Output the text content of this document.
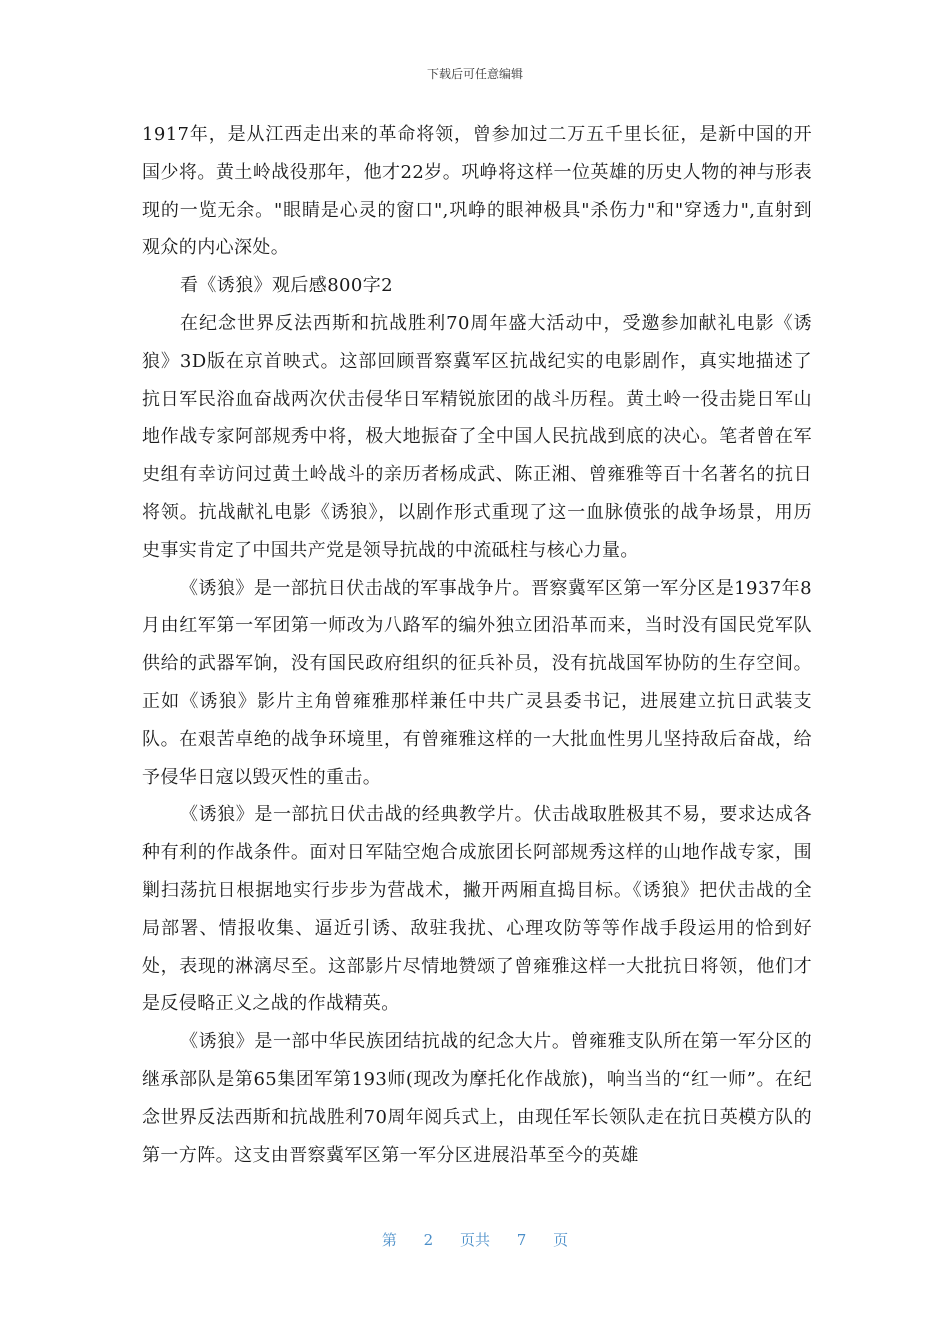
下载后可任意编辑

1917年，是从江西走出来的革命将领，曾参加过二万五千里长征，是新中国的开国少将。黄土岭战役那年，他才22岁。巩峥将这样一位英雄的历史人物的神与形表现的一览无余。"眼睛是心灵的窗口",巩峥的眼神极具"杀伤力"和"穿透力",直射到观众的内心深处。

看《诱狼》观后感800字2

在纪念世界反法西斯和抗战胜利70周年盛大活动中，受邀参加献礼电影《诱狼》3D版在京首映式。这部回顾晋察冀军区抗战纪实的电影剧作，真实地描述了抗日军民浴血奋战两次伏击侵华日军精锐旅团的战斗历程。黄土岭一役击毙日军山地作战专家阿部规秀中将，极大地振奋了全中国人民抗战到底的决心。笔者曾在军史组有幸访问过黄土岭战斗的亲历者杨成武、陈正湘、曾雍雅等百十名著名的抗日将领。抗战献礼电影《诱狼》，以剧作形式重现了这一血脉偾张的战争场景，用历史事实肯定了中国共产党是领导抗战的中流砥柱与核心力量。

《诱狼》是一部抗日伏击战的军事战争片。晋察冀军区第一军分区是1937年8月由红军第一军团第一师改为八路军的编外独立团沿革而来，当时没有国民党军队供给的武器军饷，没有国民政府组织的征兵补员，没有抗战国军协防的生存空间。正如《诱狼》影片主角曾雍雅那样兼任中共广灵县委书记，进展建立抗日武装支队。在艰苦卓绝的战争环境里，有曾雍雅这样的一大批血性男儿坚持敌后奋战，给予侵华日寇以毁灭性的重击。

《诱狼》是一部抗日伏击战的经典教学片。伏击战取胜极其不易，要求达成各种有利的作战条件。面对日军陆空炮合成旅团长阿部规秀这样的山地作战专家，围剿扫荡抗日根据地实行步步为营战术，撇开两厢直捣目标。《诱狼》把伏击战的全局部署、情报收集、逼近引诱、敌驻我扰、心理攻防等等作战手段运用的恰到好处，表现的淋漓尽至。这部影片尽情地赞颂了曾雍雅这样一大批抗日将领，他们才是反侵略正义之战的作战精英。

《诱狼》是一部中华民族团结抗战的纪念大片。曾雍雅支队所在第一军分区的继承部队是第65集团军第193师(现改为摩托化作战旅)，响当当的“红一师”。在纪念世界反法西斯和抗战胜利70周年阅兵式上，由现任军长领队走在抗日英模方队的第一方阵。这支由晋察冀军区第一军分区进展沿革至今的英雄

第 2 页共 7 页
